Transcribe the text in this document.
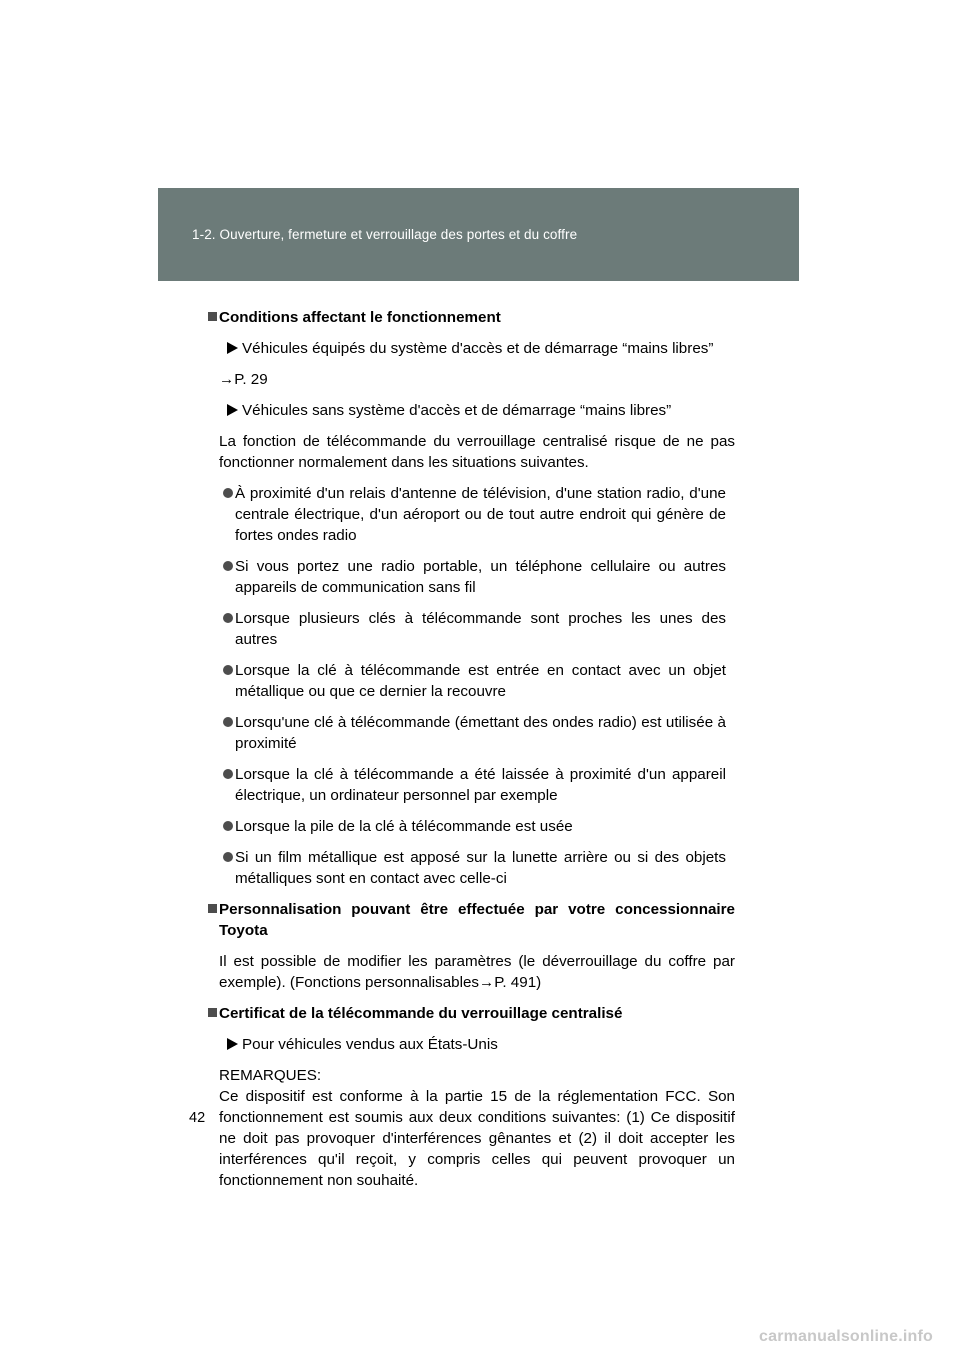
1-2. Ouverture, fermeture et verrouillage des portes et du coffre
Conditions affectant le fonctionnement
Véhicules équipés du système d'accès et de démarrage “mains libres”
→P. 29
Véhicules sans système d'accès et de démarrage “mains libres”
La fonction de télécommande du verrouillage centralisé risque de ne pas fonctionner normalement dans les situations suivantes.
À proximité d'un relais d'antenne de télévision, d'une station radio, d'une centrale électrique, d'un aéroport ou de tout autre endroit qui génère de fortes ondes radio
Si vous portez une radio portable, un téléphone cellulaire ou autres appareils de communication sans fil
Lorsque plusieurs clés à télécommande sont proches les unes des autres
Lorsque la clé à télécommande est entrée en contact avec un objet métallique ou que ce dernier la recouvre
Lorsqu'une clé à télécommande (émettant des ondes radio) est utilisée à proximité
Lorsque la clé à télécommande a été laissée à proximité d'un appareil électrique, un ordinateur personnel par exemple
Lorsque la pile de la clé à télécommande est usée
Si un film métallique est apposé sur la lunette arrière ou si des objets métalliques sont en contact avec celle-ci
Personnalisation pouvant être effectuée par votre concessionnaire Toyota
Il est possible de modifier les paramètres (le déverrouillage du coffre par exemple). (Fonctions personnalisables→P. 491)
Certificat de la télécommande du verrouillage centralisé
Pour véhicules vendus aux États-Unis
REMARQUES:
Ce dispositif est conforme à la partie 15 de la réglementation FCC. Son fonctionnement est soumis aux deux conditions suivantes: (1) Ce dispositif ne doit pas provoquer d'interférences gênantes et (2) il doit accepter les interférences qu'il reçoit, y compris celles qui peuvent provoquer un fonctionnement non souhaité.
42
carmanualsonline.info
